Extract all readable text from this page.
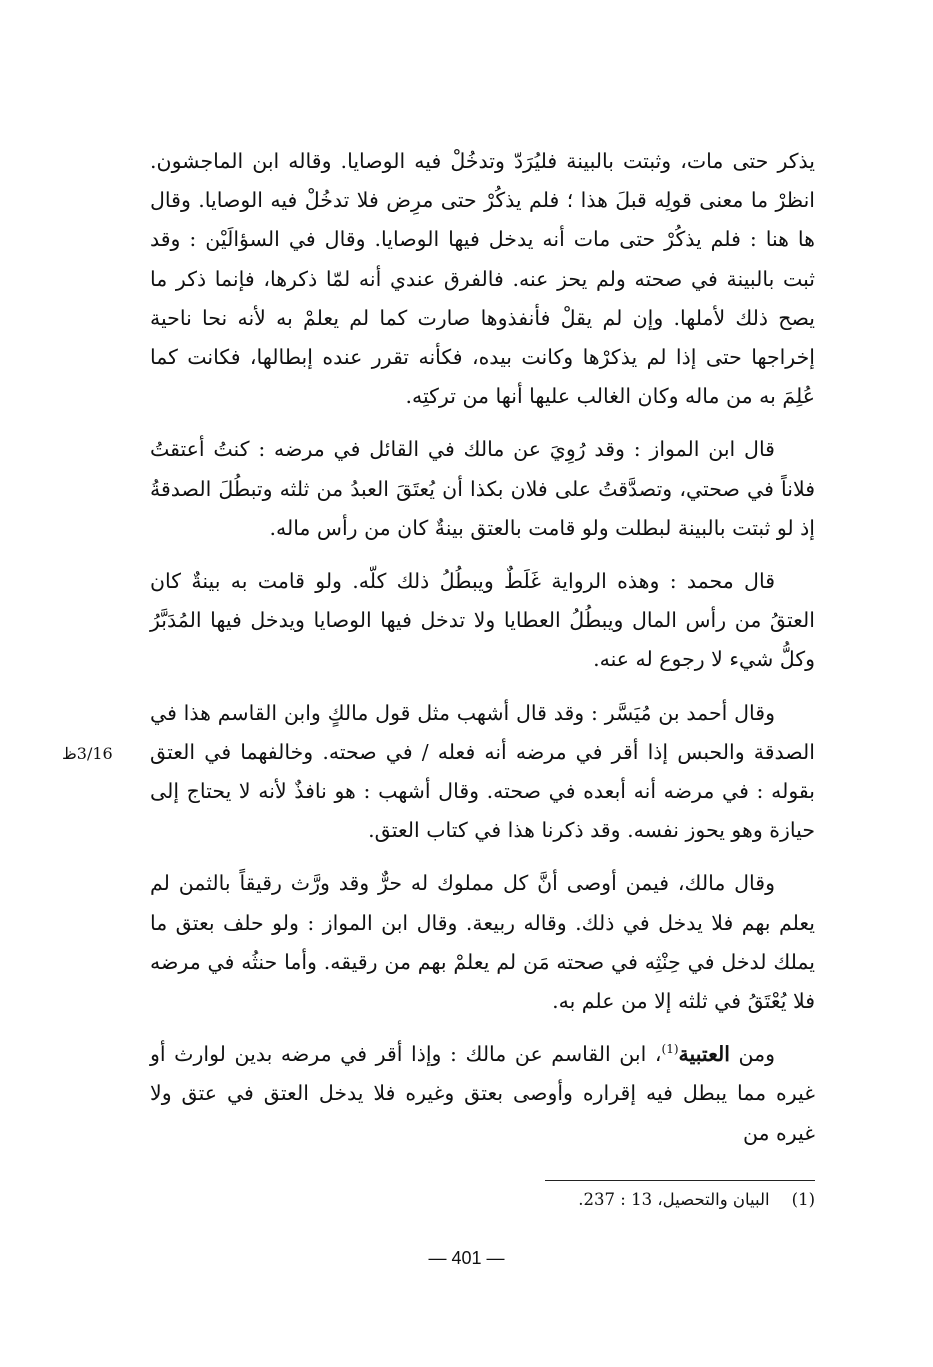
يذكر حتى مات، وثبتت بالبينة فليُرَدّ وتدخُلْ فيه الوصايا. وقاله ابن الماجشون. انظرْ ما معنى قولِه قبلَ هذا ؛ فلم يذكُرْ حتى مرِض فلا تدخُلْ فيه الوصايا. وقال ها هنا : فلم يذكُرْ حتى مات أنه يدخل فيها الوصايا. وقال في السؤالَيْن : وقد ثبت بالبينة في صحته ولم يحز عنه. فالفرق عندي أنه لمّا ذكرها، فإنما ذكر ما يصح ذلك لأملها. وإن لم يقلْ فأنفذوها صارت كما لم يعلمْ به لأنه نحا ناحية إخراجها حتى إذا لم يذكرْها وكانت بيده، فكأنه تقرر عنده إبطالها، فكانت كما عُلِمَ به من ماله وكان الغالب عليها أنها من تركتِه.

قال ابن المواز : وقد رُوِيَ عن مالك في القائل في مرضه : كنتُ أعتقتُ فلاناً في صحتي، وتصدَّقتُ على فلان بكذا أن يُعتَقَ العبدُ من ثلثه وتبطُلَ الصدقةُ إذ لو ثبتت بالبينة لبطلت ولو قامت بالعتق بينةٌ كان من رأس ماله.

قال محمد : وهذه الرواية غَلَطٌ ويبطُلُ ذلك كلّه. ولو قامت به بينةٌ كان العتقُ من رأس المال ويبطُلُ العطايا ولا تدخل فيها الوصايا ويدخل فيها المُدَبَّرُ وكلُّ شيء لا رجوع له عنه.

وقال أحمد بن مُيَسَّر : وقد قال أشهب مثل قول مالكٍ وابن القاسم هذا في الصدقة والحبس إذا أقر في مرضه أنه فعله / في صحته. وخالفهما في العتق بقوله : في مرضه أنه أبعده في صحته. وقال أشهب : هو نافذٌ لأنه لا يحتاج إلى حيازة وهو يحوز نفسه. وقد ذكرنا هذا في كتاب العتق.

وقال مالك، فيمن أوصى أنَّ كل مملوك له حرٌّ وقد ورَّث رقيقاً بالثمن لم يعلم بهم فلا يدخل في ذلك. وقاله ربيعة. وقال ابن المواز : ولو حلف بعتق ما يملك لدخل في حِنْثِه في صحته مَن لم يعلمْ بهم من رقيقه. وأما حنثُه في مرضه فلا يُعْتَقُ في ثلثه إلا من علم به.

ومن العتبية$^{(1)}$، ابن القاسم عن مالك : وإذا أقر في مرضه بدين لوارث أو غيره مما يبطل فيه إقراره وأوصى بعتق وغيره فلا يدخل العتق في عتق ولا غيره من

3/16ظ
(1)البيان والتحصيل، 13 : 237.
— 401 —
